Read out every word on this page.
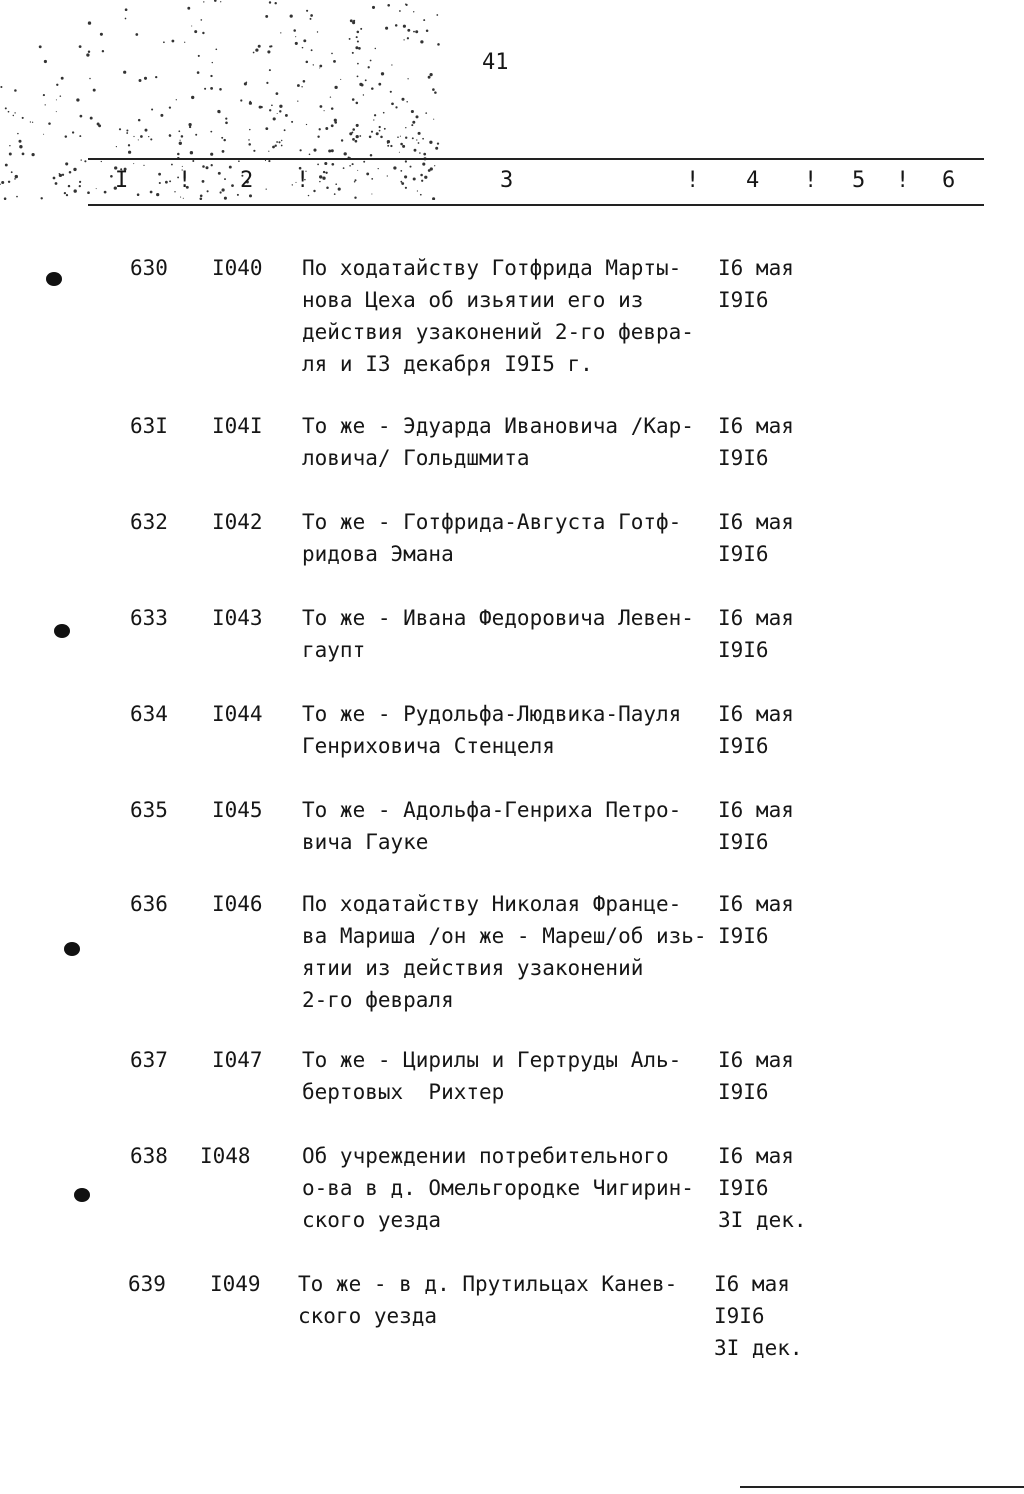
41
I ! 2 !	3	! 4 ! 5 ! 6
630 I040 По ходатайству Готфрида Марты-
нова Цеха об изьятии его из
действия узаконений 2-го февра-
ля и I3 декабря I9I5 г.
I6 мая
I9I6
63I I04I То же - Эдуарда Ивановича /Кар-
ловича/ Гольдшмита
I6 мая
I9I6
632 I042 То же - Готфрида-Августа Готф-
ридова Эмана
I6 мая
I9I6
633 I043 То же - Ивана Федоровича Левен-
гаупт
I6 мая
I9I6
634 I044 То же - Рудольфа-Людвика-Пауля
Генриховича Стенцеля
I6 мая
I9I6
635 I045 То же - Адольфа-Генриха Петро-
вича Гауке
I6 мая
I9I6
636 I046 По ходатайству Николая Франце-
ва Мариша /он же - Мареш/об изь-
ятии из действия узаконений
2-го февраля
I6 мая
I9I6
637 I047 То же - Цирилы и Гертруды Аль-
бертовых  Рихтер
I6 мая
I9I6
638 I048 Об учреждении потребительного
о-ва в д. Омельгородке Чигирин-
ского уезда
I6 мая
I9I6
3I дек.
639 I049 То же - в д. Прутильцах Канев-
ского уезда
I6 мая
I9I6
3I дек.
